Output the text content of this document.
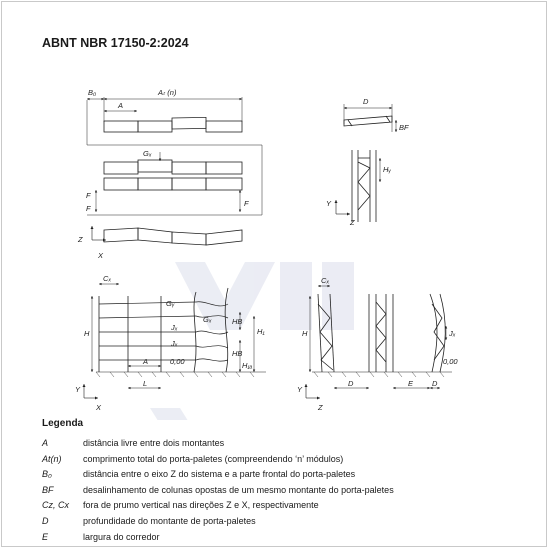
ABNT NBR 17150-2:2024
B₀	Aₜ (n)
A	D
BF
Gₓ
Hᵧ
F
F
F
Z
X
Y
Z
Cₓ
Gᵧ
Gₓ
Jₓ
Jₓ
HB
HB
H	H₁
H₁ₐ
A	0,00
L
Y
X
Cₓ
H	Jₓ
0,00
D	E	D
Y
Z
Legenda
A	distância livre entre dois montantes
At(n) comprimento total do porta-paletes (compreendendo ‘n’ módulos)
B₀	distância entre o eixo Z do sistema e a parte frontal do porta-paletes
BF	desalinhamento de colunas opostas de um mesmo montante do porta-paletes
Cz, Cx fora de prumo vertical nas direções Z e X, respectivamente
D	profundidade do montante de porta-paletes
E	largura do corredor
